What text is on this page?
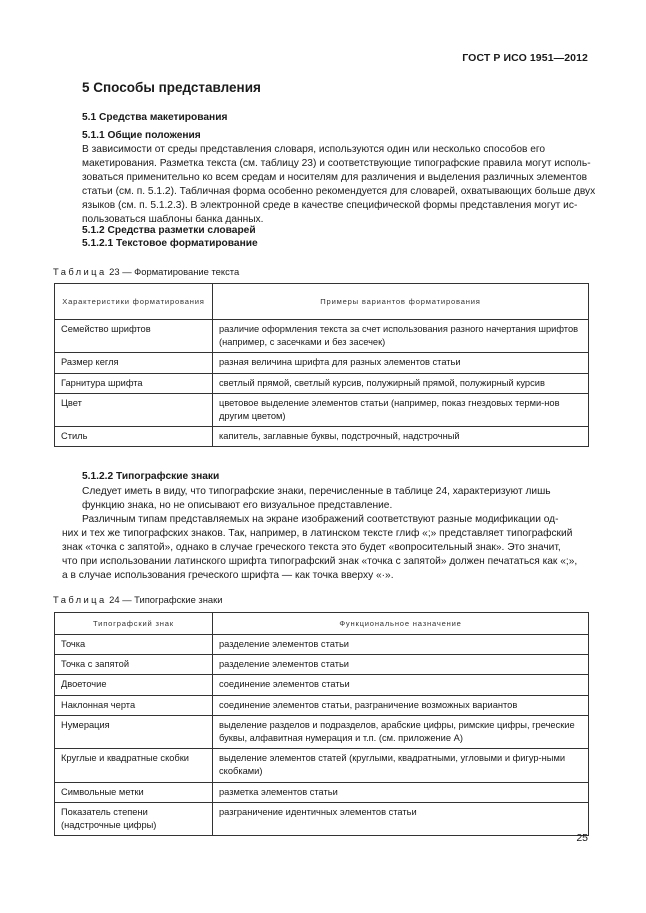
ГОСТ Р ИСО 1951—2012
5 Способы представления
5.1 Средства макетирования
5.1.1 Общие положения
В зависимости от среды представления словаря, используются один или несколько способов его
макетирования. Разметка текста (см. таблицу 23) и соответствующие типографские правила могут исполь-
зоваться применительно ко всем средам и носителям для различения и выделения различных элементов
статьи (см. п. 5.1.2). Табличная форма особенно рекомендуется для словарей, охватывающих больше двух
языков (см. п. 5.1.2.3). В электронной среде в качестве специфической формы представления могут ис-
пользоваться шаблоны банка данных.
5.1.2 Средства разметки словарей
5.1.2.1 Текстовое форматирование
Таблица 23 — Форматирование текста
Характеристики форматирования	Примеры вариантов форматирования
Семейство шрифтов	различие оформления текста за счет использования разного начертания шрифтов (например, с засечками и без засечек)
Размер кегля	разная величина шрифта для разных элементов статьи
Гарнитура шрифта	светлый прямой, светлый курсив, полужирный прямой, полужирный курсив
Цвет	цветовое выделение элементов статьи (например, показ гнездовых терми-нов другим цветом)
Стиль	капитель, заглавные буквы, подстрочный, надстрочный
5.1.2.2 Типографские знаки
Следует иметь в виду, что типографские знаки, перечисленные в таблице 24, характеризуют лишь
функцию знака, но не описывают его визуальное представление.
Различным типам представляемых на экране изображений соответствуют разные модификации од-
них и тех же типографских знаков. Так, например, в латинском тексте глиф «;» представляет типографский
знак «точка с запятой», однако в случае греческого текста это будет «вопросительный знак». Это значит,
что при использовании латинского шрифта типографский знак «точка с запятой» должен печататься как «;»,
а в случае использования греческого шрифта — как точка вверху «·».
Таблица 24 — Типографские знаки
Типографский знак	Функциональное назначение
Точка	разделение элементов статьи
Точка с запятой	разделение элементов статьи
Двоеточие	соединение элементов статьи
Наклонная черта	соединение элементов статьи, разграничение возможных вариантов
Нумерация	выделение разделов и подразделов, арабские цифры, римские цифры, греческие буквы, алфавитная нумерация и т.п. (см. приложение А)
Круглые и квадратные скобки	выделение элементов статей (круглыми, квадратными, угловыми и фигур-ными скобками)
Символьные метки	разметка элементов статьи
Показатель степени (надстрочные цифры)	разграничение идентичных элементов статьи
25
